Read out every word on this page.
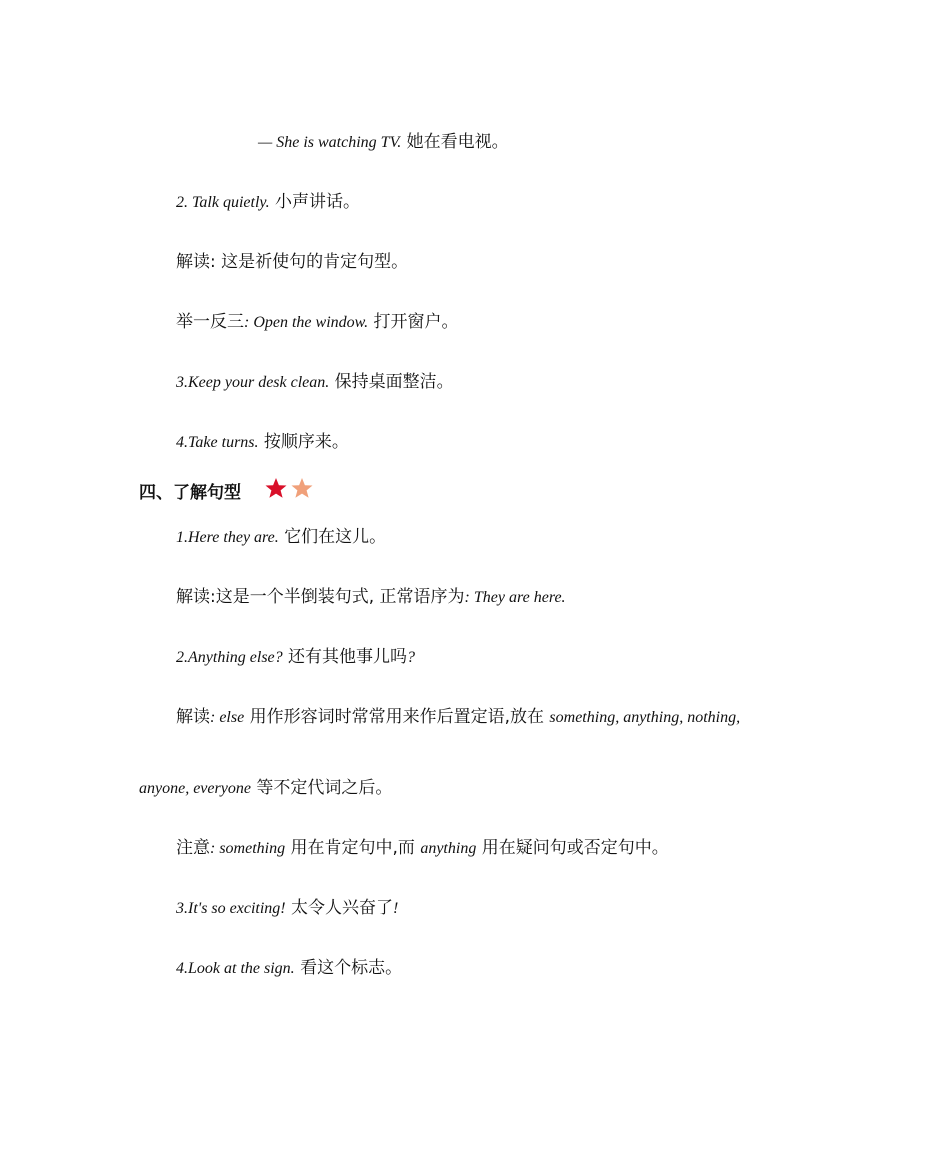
— She is watching TV. 她在看电视。
2. Talk quietly. 小声讲话。
解读: 这是祈使句的肯定句型。
举一反三: Open the window. 打开窗户。
3.Keep your desk clean. 保持桌面整洁。
4.Take turns. 按顺序来。
四、了解句型
1.Here they are. 它们在这儿。
解读:这是一个半倒装句式, 正常语序为: They are here.
2.Anything else? 还有其他事儿吗?
解读: else 用作形容词时常常用来作后置定语,放在 something, anything, nothing,
anyone, everyone 等不定代词之后。
注意: something 用在肯定句中,而 anything 用在疑问句或否定句中。
3.It's so exciting! 太令人兴奋了!
4.Look at the sign. 看这个标志。
